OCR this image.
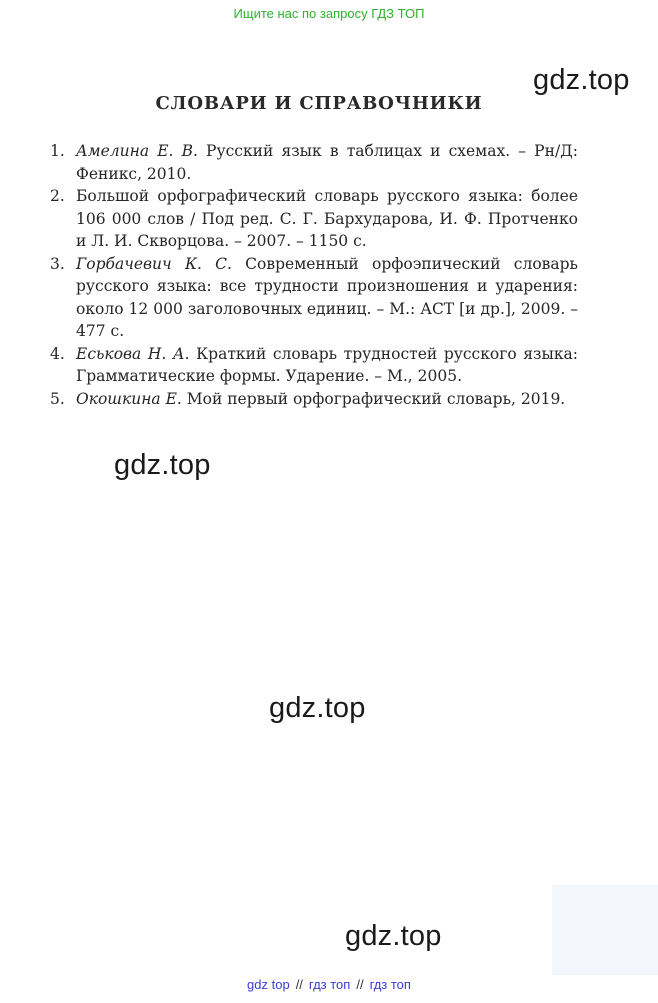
Ищите нас по запросу ГДЗ ТОП
gdz.top
gdz.top
gdz.top
gdz.top
СЛОВАРИ И СПРАВОЧНИКИ
1. Амелина Е. В. Русский язык в таблицах и схемах. – Рн/Д: Феникс, 2010.
2. Большой орфографический словарь русского языка: более 106 000 слов / Под ред. С. Г. Бархударова, И. Ф. Протченко и Л. И. Скворцова. – 2007. – 1150 с.
3. Горбачевич К. С. Современный орфоэпический словарь русского языка: все трудности произношения и ударения: около 12 000 заголовочных единиц. – М.: АСТ [и др.], 2009. – 477 с.
4. Еськова Н. А. Краткий словарь трудностей русского языка: Грамматические формы. Ударение. – М., 2005.
5. Окошкина Е. Мой первый орфографический словарь, 2019.
gdz top // гдз топ // гдз топ
